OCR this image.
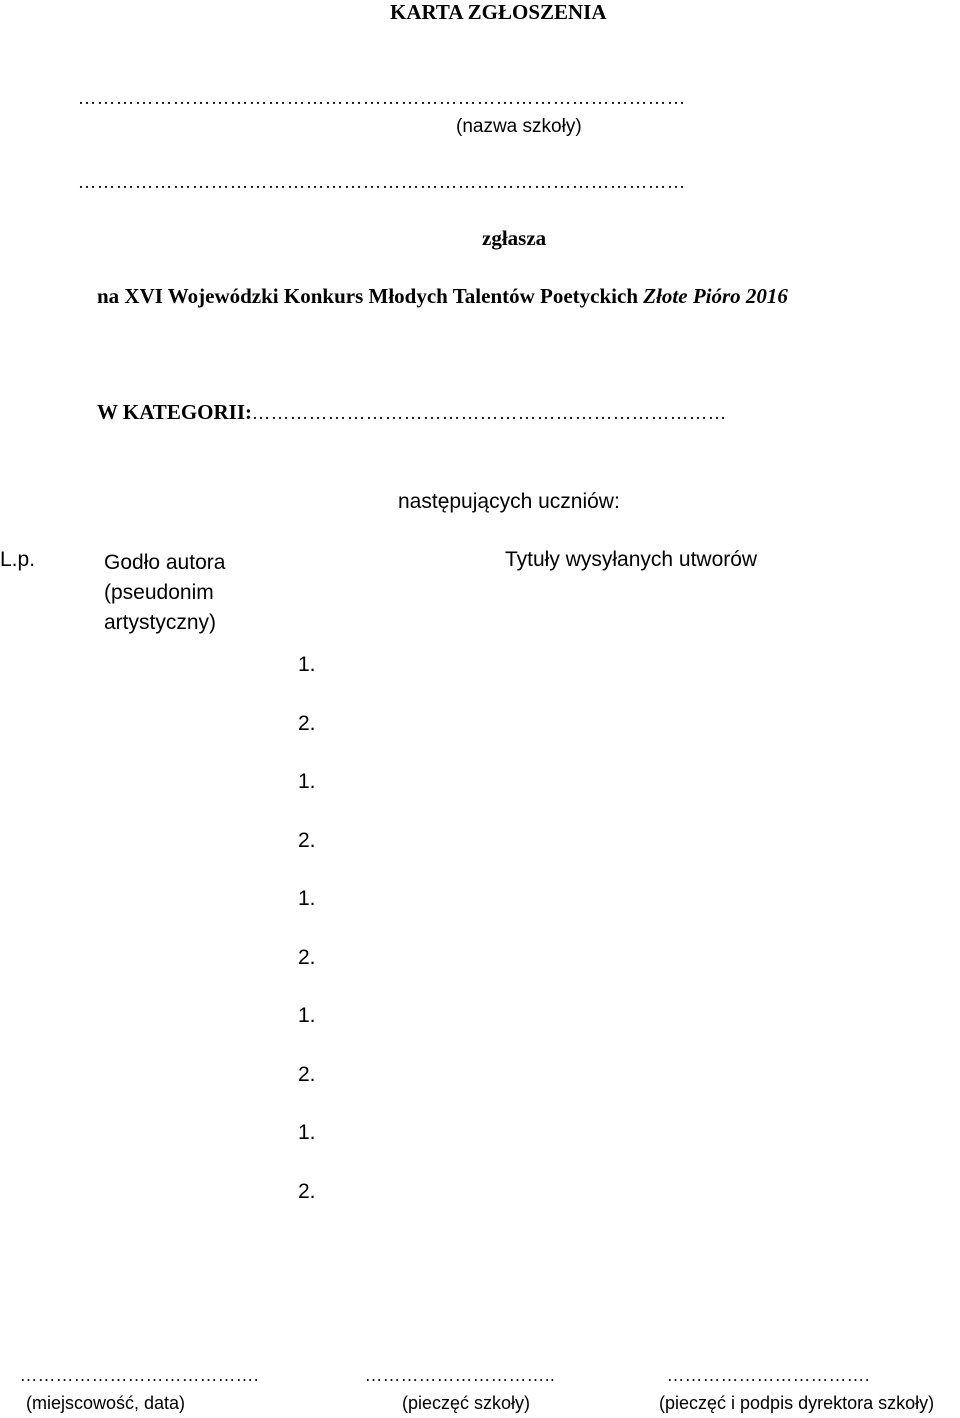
KARTA ZGŁOSZENIA
……………………………………………………………………………………
(nazwa szkoły)
……………………………………………………………………………………
zgłasza
na XVI Wojewódzki Konkurs Młodych Talentów Poetyckich Złote Pióro 2016
W KATEGORII:…………………………………………………………………
następujących uczniów:
L.p.	Godło autora
(pseudonim
artystyczny)
Tytuły wysyłanych utworów
1.
2.
1.
2.
1.
2.
1.
2.
1.
2.
………………………………….
(miejscowość, data)
…………………………..
(pieczęć szkoły)
…………………………….
(pieczęć i podpis dyrektora szkoły)
